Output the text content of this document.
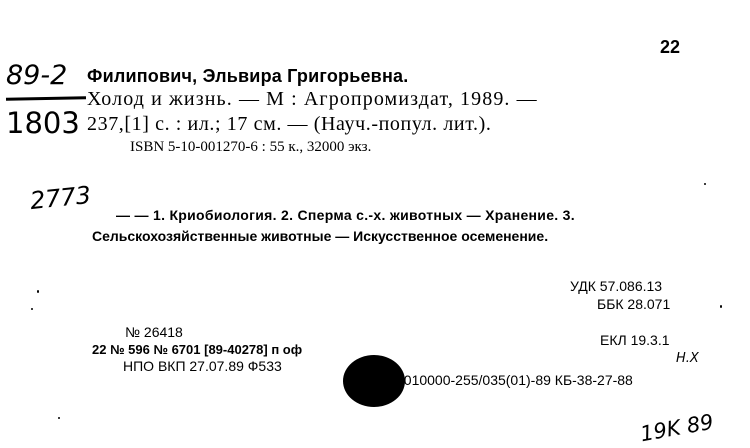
22
89-2
1803
Филипович, Эльвира Григорьевна.
Холод и жизнь. — М : Агропромиздат, 1989. —
237,[1] с. : ил.; 17 см. — (Науч.-попул. лит.).
ISBN 5-10-001270-6 : 55 к., 32000 экз.
2773 — — 1. Криобиология. 2. Сперма с.-х. животных — Хранение. 3.
Сельскохозяйственные животные — Искусственное осеменение.
УДК 57.086.13
ББК 28.071
ЕКЛ 19.3.1
№ 26418
22 № 596 № 6701 [89-40278] п оф
НПО ВКП 27.07.89 Ф533
5010000-255/035(01)-89 КБ-38-27-88
H.X
19K 89
